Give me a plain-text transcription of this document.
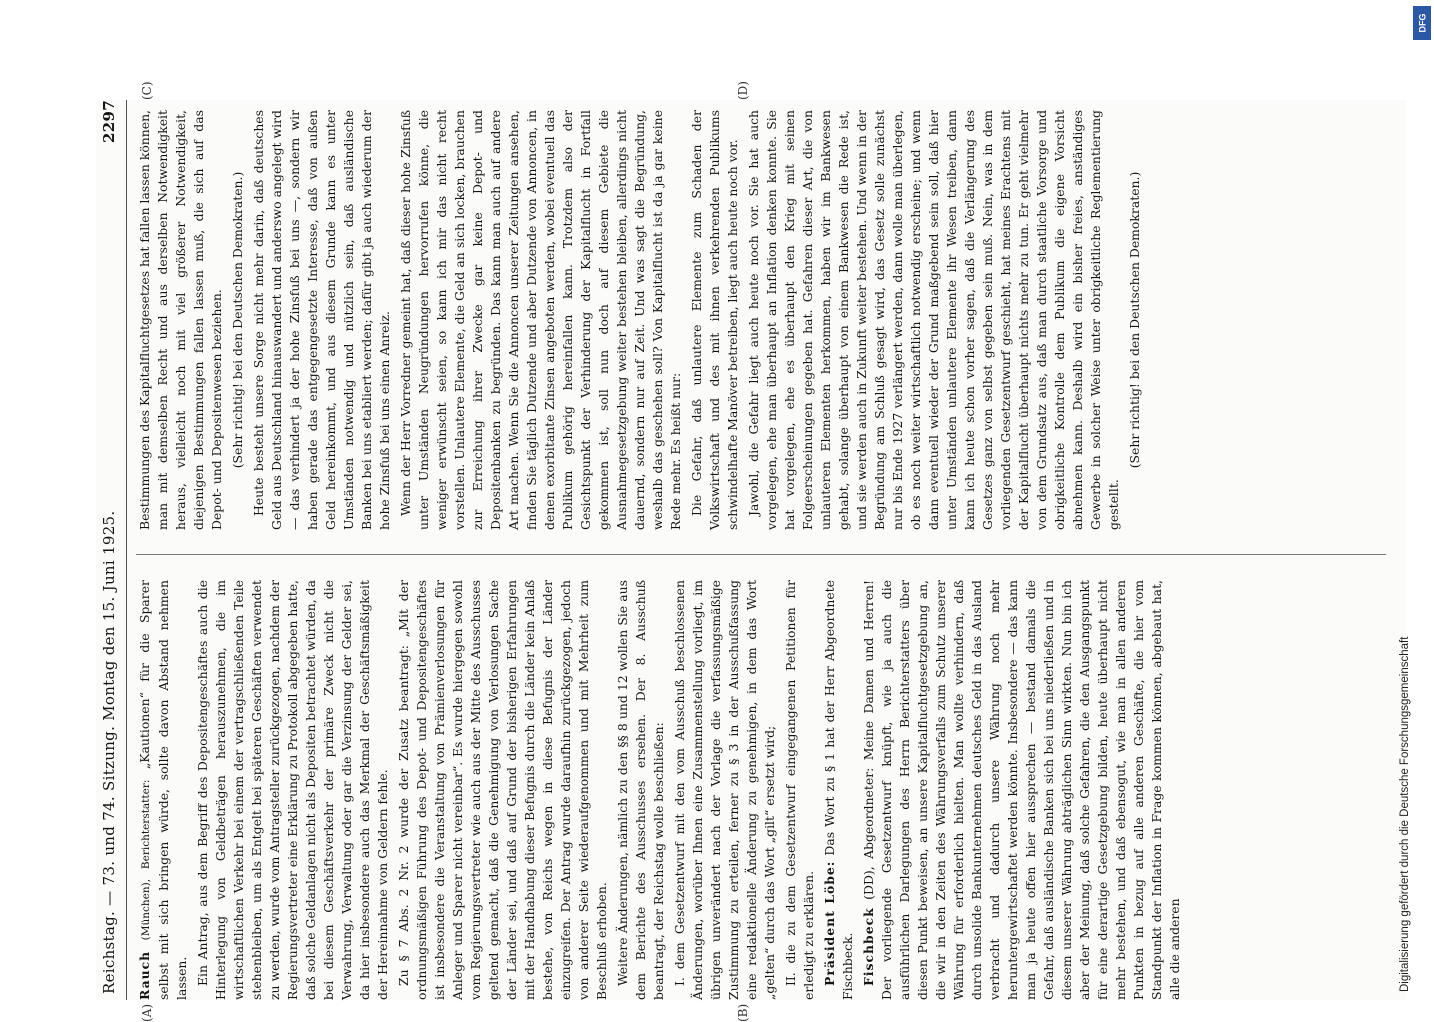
Reichstag. — 73. und 74. Sitzung. Montag den 15. Juni 1925.
2297

Rauch (München), Berichterstatter: „Kautionen“ für die Sparer selbst mit sich bringen würde, sollte davon Abstand nehmen lassen. Ein Antrag, aus dem Begriff des Depositengeschäftes auch die Hinterlegung von Geldbeträgen herauszunehmen, die im wirtschaftlichen Verkehr bei einem der vertragschließenden Teile stehenbleiben, um als Entgelt bei späteren Geschäften verwendet zu werden, wurde vom Antragsteller zurückgezogen, nachdem der Regierungsvertreter eine Erklärung zu Protokoll abgegeben hatte, daß solche Geldanlagen nicht als Depositen betrachtet würden, da bei diesem Geschäftsverkehr der primäre Zweck nicht die Verwahrung, Verwaltung oder gar die Verzinsung der Gelder sei, da hier insbesondere auch das Merkmal der Geschäftsmäßigkeit der Hereinnahme von Geldern fehle. Zu § 7 Abs. 2 Nr. 2 wurde der Zusatz beantragt: „Mit der ordnungsmäßigen Führung des Depot- und Depositengeschäftes ist insbesondere die Veranstaltung von Prämienverlosungen für Anleger und Sparer nicht vereinbar“. Es wurde hiergegen sowohl vom Regierungsvertreter wie auch aus der Mitte des Ausschusses geltend gemacht, daß die Genehmigung von Verlosungen Sache der Länder sei, und daß auf Grund der bisherigen Erfahrungen mit der Handhabung dieser Befugnis durch die Länder kein Anlaß bestehe, von Reichs wegen in diese Befugnis der Länder einzugreifen. Der Antrag wurde daraufhin zurückgezogen, jedoch von anderer Seite wiederaufgenommen und mit Mehrheit zum Beschluß erhoben. Weitere Änderungen, nämlich zu den §§ 8 und 12 wollen Sie aus dem Berichte des Ausschusses ersehen. Der 8. Ausschuß beantragt, der Reichstag wolle beschließen: I. dem Gesetzentwurf mit den vom Ausschuß beschlossenen Änderungen, worüber Ihnen eine Zusammenstellung vorliegt, im übrigen unverändert nach der Vorlage die verfassungsmäßige Zustimmung zu erteilen, ferner zu § 3 in der Ausschußfassung eine redaktionelle Änderung zu genehmigen, in dem das Wort „gelten“ durch das Wort „gilt“ ersetzt wird; II. die zu dem Gesetzentwurf eingegangenen Petitionen für erledigt zu erklären. Präsident Löbe: Das Wort zu § 1 hat der Herr Abgeordnete Fischbeck. Fischbeck (DD), Abgeordneter: Meine Damen und Herren! Der vorliegende Gesetzentwurf knüpft, wie ja auch die ausführlichen Darlegungen des Herrn Berichterstatters über diesen Punkt beweisen, an unsere Kapitalfluchtgesetzgebung an, die wir in den Zeiten des Währungsverfalls zum Schutz unserer Währung für erforderlich hielten. Man wollte verhindern, daß durch unsolide Bankunternehmen deutsches Geld in das Ausland verbracht und dadurch unsere Währung noch mehr heruntergewirtschaftet werden könnte. Insbesondere — das kann man ja heute offen hier aussprechen — bestand damals die Gefahr, daß ausländische Banken sich bei uns niederließen und in diesem unserer Währung abträglichen Sinn wirkten. Nun bin ich aber der Meinung, daß solche Gefahren, die den Ausgangspunkt für eine derartige Gesetzgebung bilden, heute überhaupt nicht mehr bestehen, und daß ebensogut, wie man in allen anderen Punkten in bezug auf alle anderen Geschäfte, die hier vom Standpunkt der Inflation in Frage kommen können, abgebaut hat, alle die anderen

Bestimmungen des Kapitalfluchtgesetzes hat fallen lassen können, man mit demselben Recht und aus derselben Notwendigkeit heraus, vielleicht noch mit viel größerer Notwendigkeit, diejenigen Bestimmungen fallen lassen muß, die sich auf das Depot- und Depositenwesen beziehen. (Sehr richtig! bei den Deutschen Demokraten.) Heute besteht unsere Sorge nicht mehr darin, daß deutsches Geld aus Deutschland hinauswandert und anderswo angelegt wird — das verhindert ja der hohe Zinsfuß bei uns —, sondern wir haben gerade das entgegengesetzte Interesse, daß von außen Geld hereinkommt, und aus diesem Grunde kann es unter Umständen notwendig und nützlich sein, daß ausländische Banken bei uns etabliert werden; dafür gibt ja auch wiederum der hohe Zinsfuß bei uns einen Anreiz. Wenn der Herr Vorredner gemeint hat, daß dieser hohe Zinsfuß unter Umständen Neugründungen hervorrufen könne, die weniger erwünscht seien, so kann ich mir das nicht recht vorstellen. Unlautere Elemente, die Geld an sich locken, brauchen zur Erreichung ihrer Zwecke gar keine Depot- und Depositenbanken zu begründen. Das kann man auch auf andere Art machen. Wenn Sie die Annoncen unserer Zeitungen ansehen, finden Sie täglich Dutzende und aber Dutzende von Annoncen, in denen exorbitante Zinsen angeboten werden, wobei eventuell das Publikum gehörig hereinfallen kann. Trotzdem also der Gesichtspunkt der Verhinderung der Kapitalflucht in Fortfall gekommen ist, soll nun doch auf diesem Gebiete die Ausnahmegesetzgebung weiter bestehen bleiben, allerdings nicht dauernd, sondern nur auf Zeit. Und was sagt die Begründung, weshalb das geschehen soll? Von Kapitalflucht ist da ja gar keine Rede mehr. Es heißt nur: Die Gefahr, daß unlautere Elemente zum Schaden der Volkswirtschaft und des mit ihnen verkehrenden Publikums schwindelhafte Manöver betreiben, liegt auch heute noch vor. Jawohl, die Gefahr liegt auch heute noch vor. Sie hat auch vorgelegen, ehe man überhaupt an Inflation denken konnte. Sie hat vorgelegen, ehe es überhaupt den Krieg mit seinen Folgeerscheinungen gegeben hat. Gefahren dieser Art, die von unlauteren Elementen herkommen, haben wir im Bankwesen gehabt, solange überhaupt von einem Bankwesen die Rede ist, und sie werden auch in Zukunft weiter bestehen. Und wenn in der Begründung am Schluß gesagt wird, das Gesetz solle zunächst nur bis Ende 1927 verlängert werden, dann wolle man überlegen, ob es noch weiter wirtschaftlich notwendig erscheine; und wenn dann eventuell wieder der Grund maßgebend sein soll, daß hier unter Umständen unlautere Elemente ihr Wesen treiben, dann kann ich heute schon vorher sagen, daß die Verlängerung des Gesetzes ganz von selbst gegeben sein muß. Nein, was in dem vorliegenden Gesetzentwurf geschieht, hat meines Erachtens mit der Kapitalflucht überhaupt nichts mehr zu tun. Er geht vielmehr von dem Grundsatz aus, daß man durch staatliche Vorsorge und obrigkeitliche Kontrolle dem Publikum die eigene Vorsicht abnehmen kann. Deshalb wird ein bisher freies, anständiges Gewerbe in solcher Weise unter obrigkeitliche Reglementierung gestellt.

(Sehr richtig! bei den Deutschen Demokraten.)

(A)	(B)
(C)	(D)
Digitalisierung gefördert durch die Deutsche Forschungsgemeinschaft
DFG
